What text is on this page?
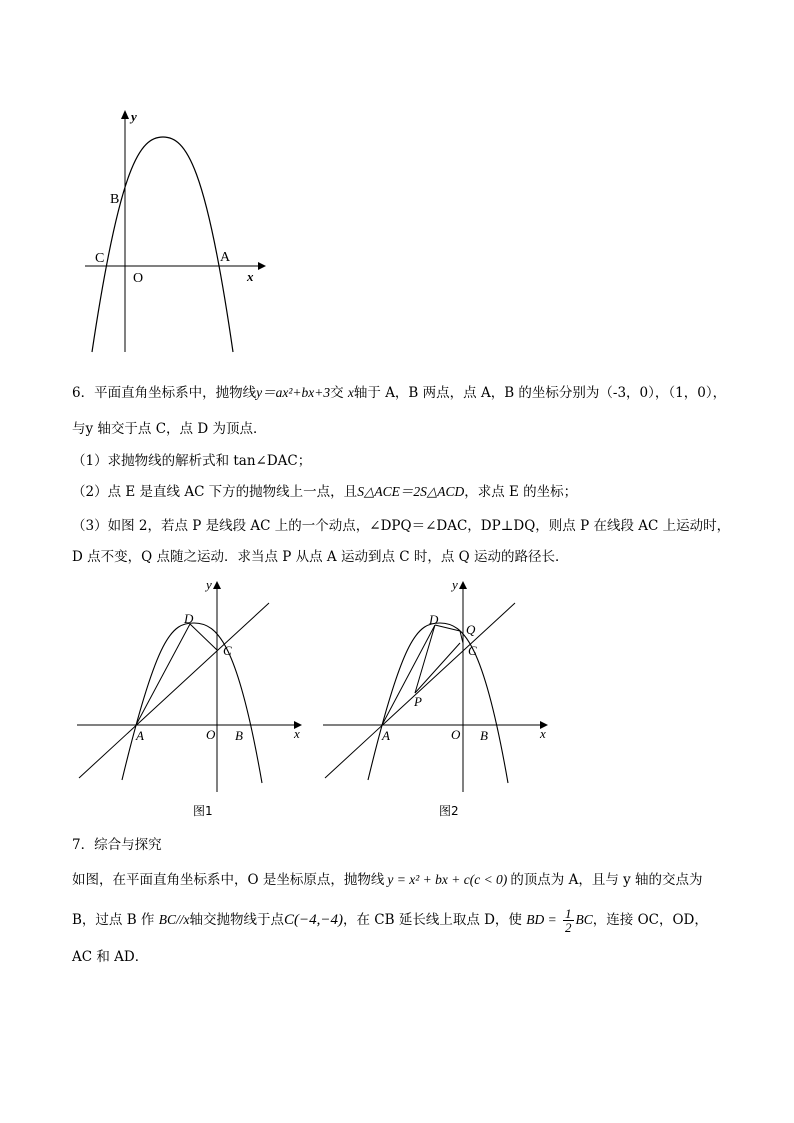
y
x
B
C	A
O
6．平面直角坐标系中，抛物线y＝ax²+bx+3交 x轴于 A，B 两点，点 A，B 的坐标分别为（-3，0），（1，0），
与y 轴交于点 C，点 D 为顶点．
（1）求抛物线的解析式和 tan∠DAC；
（2）点 E 是直线 AC 下方的抛物线上一点，且S△ACE＝2S△ACD，求点 E 的坐标；
（3）如图 2，若点 P 是线段 AC 上的一个动点，∠DPQ＝∠DAC，DP⊥DQ，则点 P 在线段 AC 上运动时，
D 点不变，Q 点随之运动．求当点 P 从点 A 运动到点 C 时，点 Q 运动的路径长．
y
x
D
C
A	O B
图1
y
x
D
Q
C
P
A	O B
图2
7．综合与探究
如图，在平面直角坐标系中，O 是坐标原点，抛物线 y = x² + bx + c(c < 0) 的顶点为 A，且与 y 轴的交点为
B，过点 B 作 BC//x轴交抛物线于点C(−4,−4)，在 CB 延长线上取点 D，使 BD = $\frac{1}{2}$ BC，连接 OC，OD，
AC 和 AD．
